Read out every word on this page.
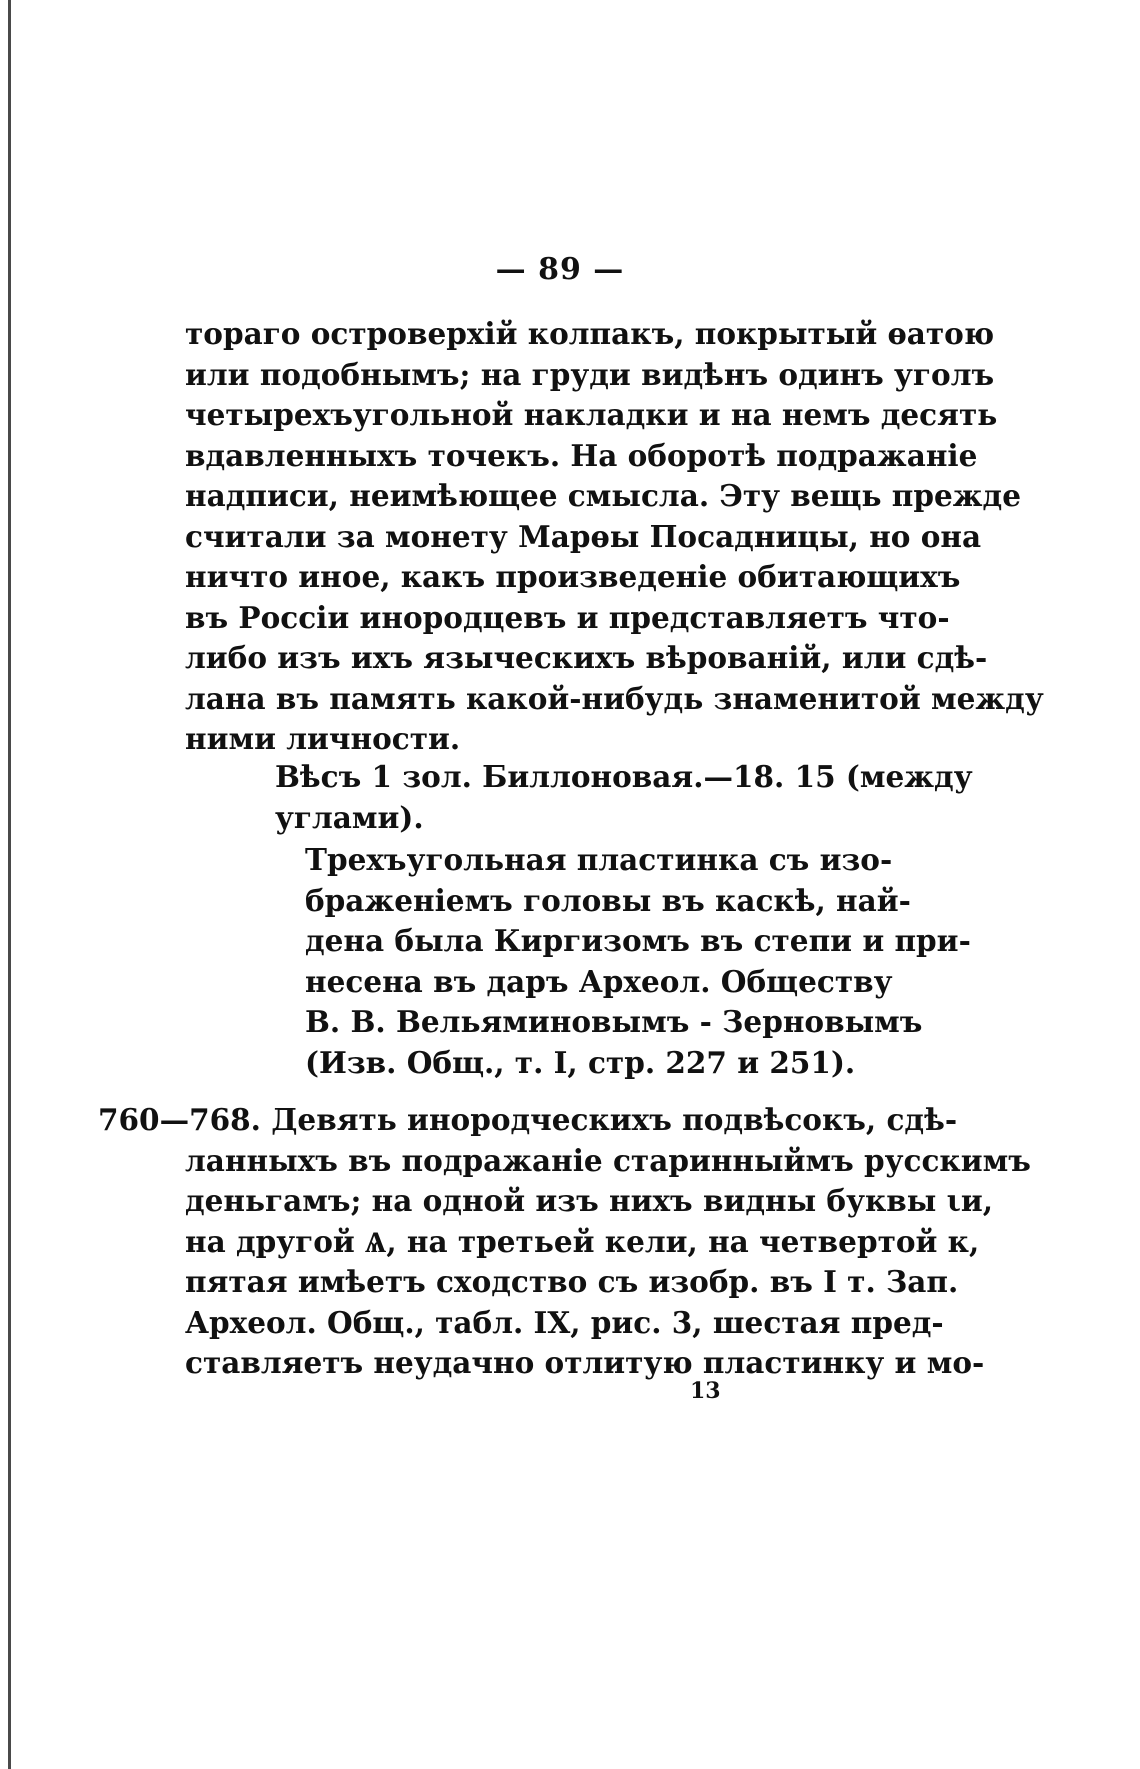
— 89 —
тораго островерхій колпакъ, покрытый ѳатою
или подобнымъ; на груди видѣнъ одинъ уголъ
четырехъугольной накладки и на немъ десять
вдавленныхъ точекъ. На оборотѣ подражаніе
надписи, неимѣющее смысла. Эту вещь прежде
считали за монету Марѳы Посадницы, но она
ничто иное, какъ произведеніе обитающихъ
въ Россіи инородцевъ и представляетъ что-
либо изъ ихъ языческихъ вѣрованій, или сдѣ-
лана въ память какой-нибудь знаменитой между
ними личности.
Вѣсъ 1 зол. Биллоновая.—18. 15 (между
углами).
Трехъугольная пластинка съ изо-
браженіемъ головы въ каскѣ, най-
дена была Киргизомъ въ степи и при-
несена въ даръ Археол. Обществу
В. В. Вельяминовымъ - Зерновымъ
(Изв. Общ., т. I, стр. 227 и 251).
760—768. Девять инородческихъ подвѣсокъ, сдѣ-
ланныхъ въ подражаніе старинныймъ русскимъ
деньгамъ; на одной изъ нихъ видны буквы ιи,
на другой Ѧ, на третьей кели, на четвертой к,
пятая имѣетъ сходство съ изобр. въ I т. Зап.
Археол. Общ., табл. IX, рис. 3, шестая пред-
ставляетъ неудачно отлитую пластинку и мо-
13
